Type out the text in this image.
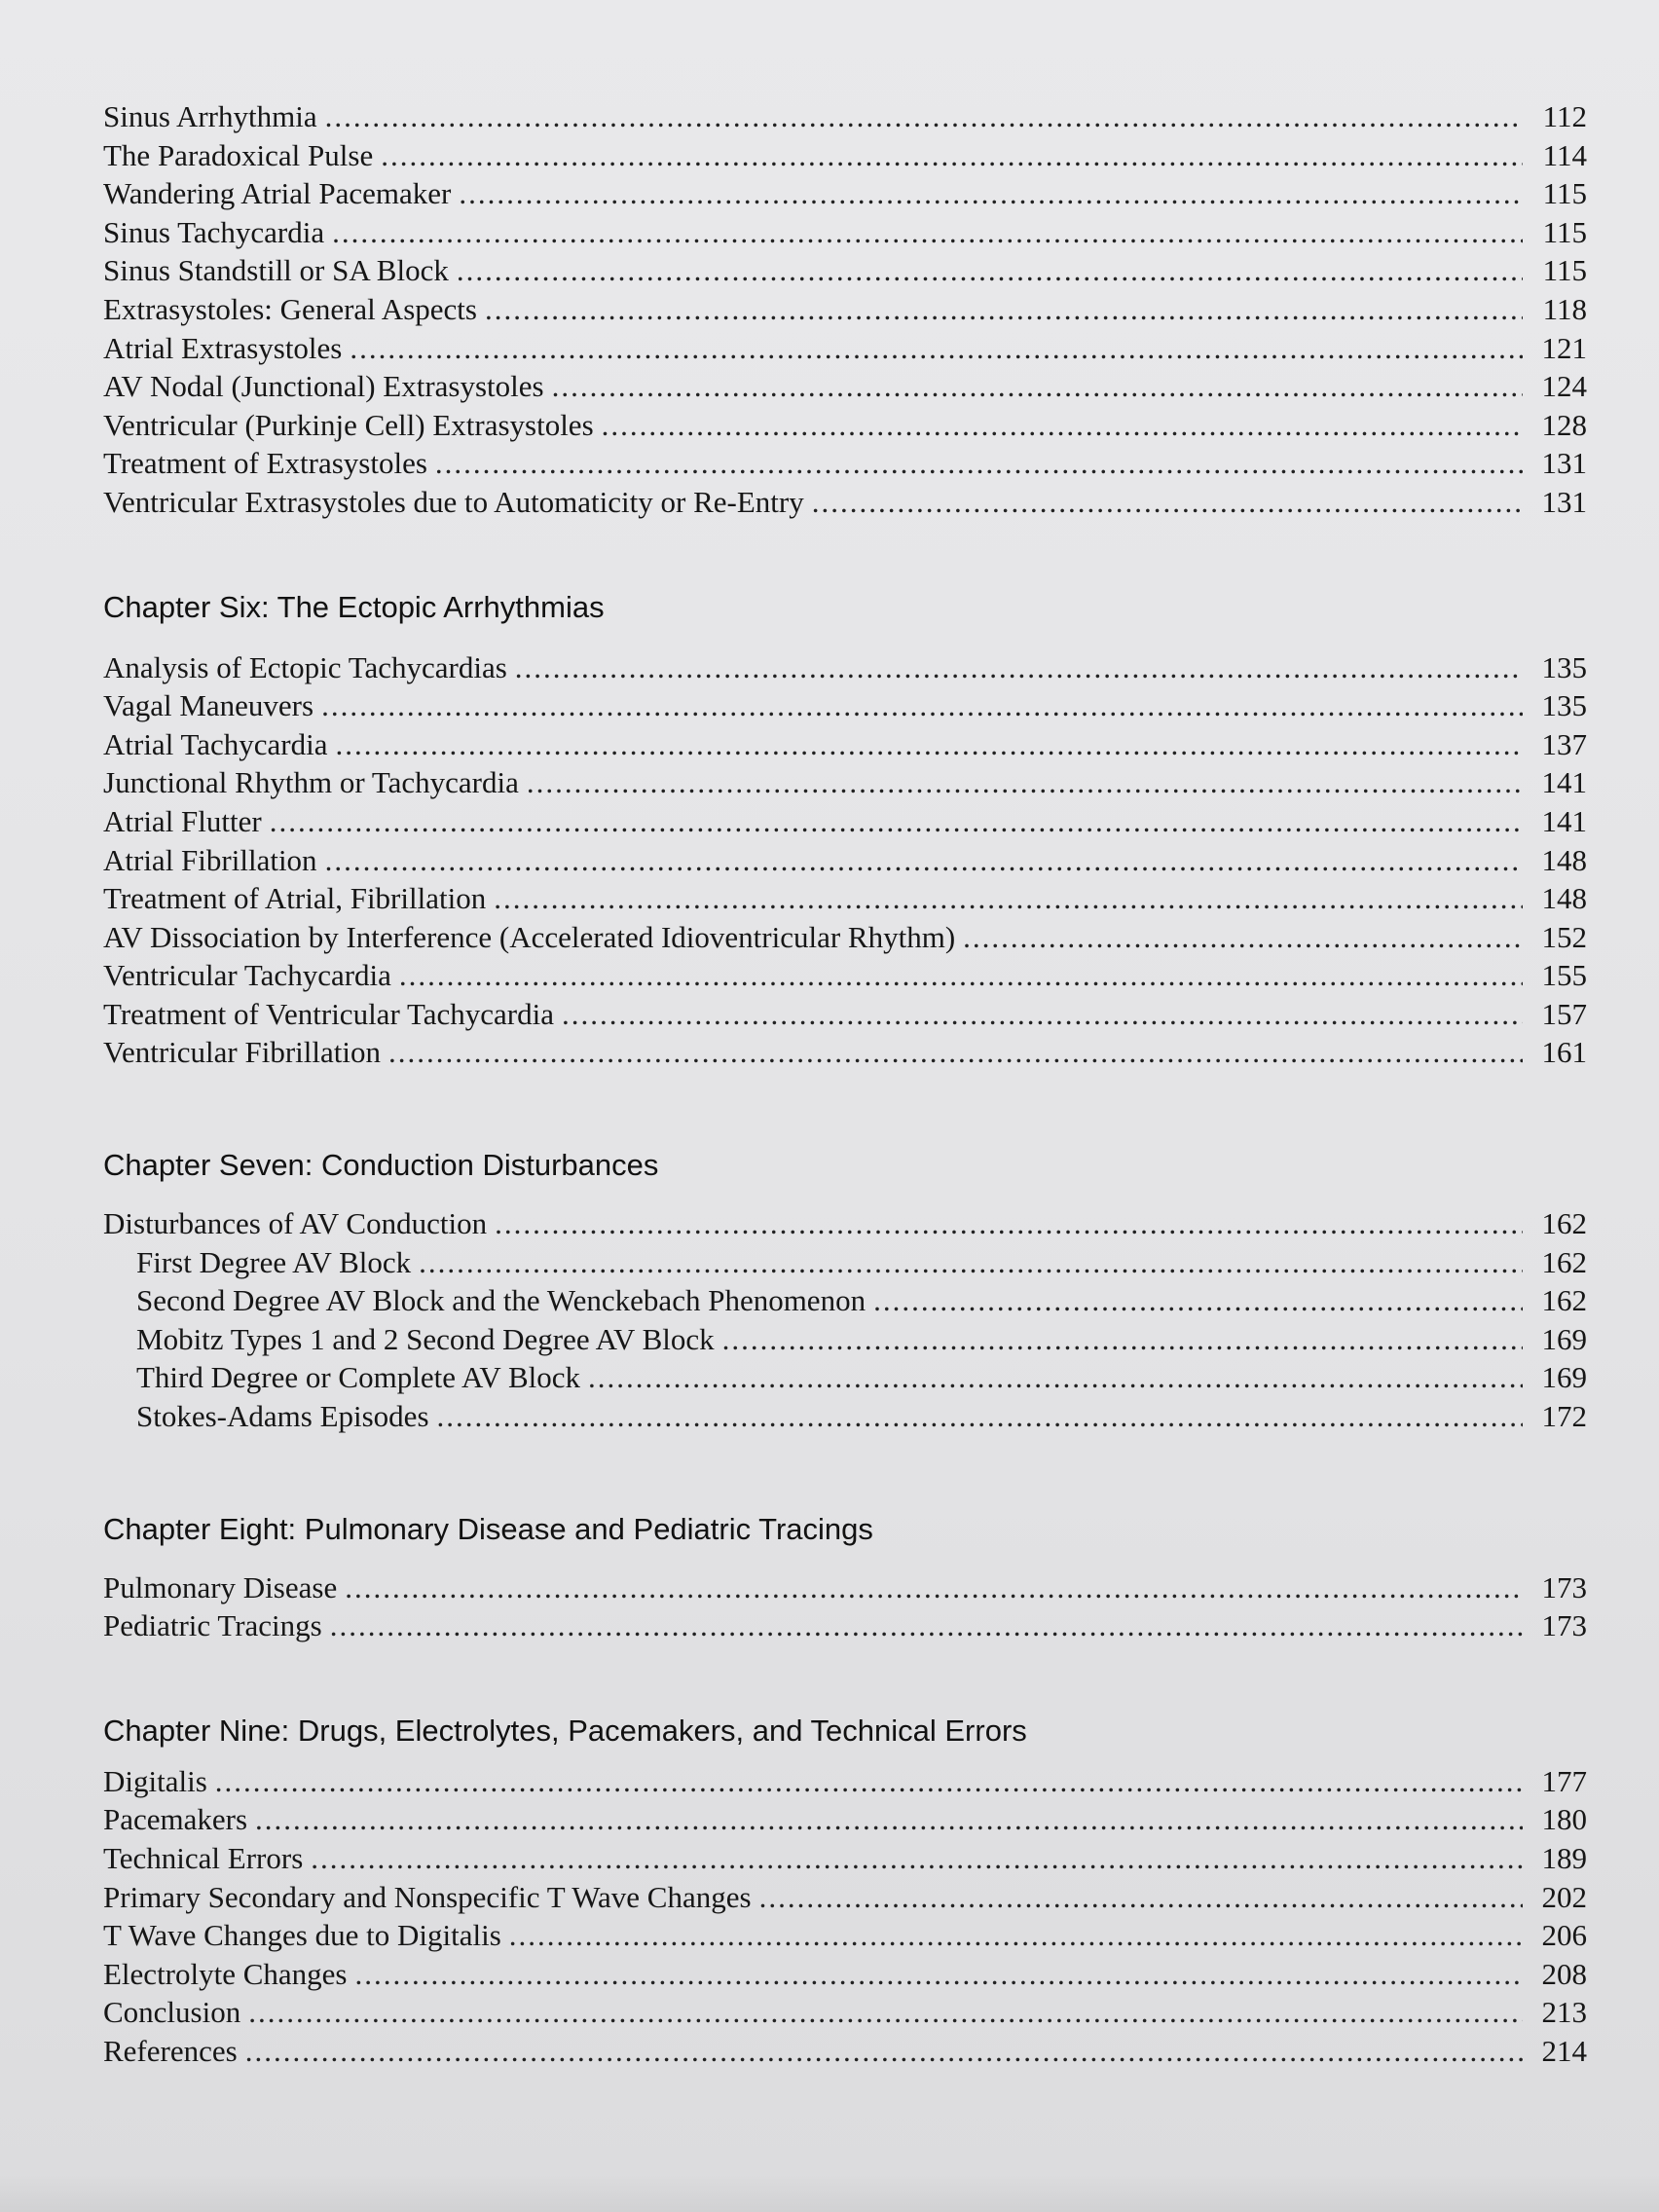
Sinus Arrhythmia .....	112
The Paradoxical Pulse .....	114
Wandering Atrial Pacemaker .....	115
Sinus Tachycardia .....	115
Sinus Standstill or SA Block .....	115
Extrasystoles: General Aspects .....	118
Atrial Extrasystoles .....	121
AV Nodal (Junctional) Extrasystoles .....	124
Ventricular (Purkinje Cell) Extrasystoles .....	128
Treatment of Extrasystoles .....	131
Ventricular Extrasystoles due to Automaticity or Re-Entry .....	131
Chapter Six: The Ectopic Arrhythmias
Analysis of Ectopic Tachycardias .....	135
Vagal Maneuvers .....	135
Atrial Tachycardia .....	137
Junctional Rhythm or Tachycardia .....	141
Atrial Flutter .....	141
Atrial Fibrillation .....	148
Treatment of Atrial, Fibrillation .....	148
AV Dissociation by Interference (Accelerated Idioventricular Rhythm) .....	152
Ventricular Tachycardia .....	155
Treatment of Ventricular Tachycardia .....	157
Ventricular Fibrillation .....	161
Chapter Seven: Conduction Disturbances
Disturbances of AV Conduction .....	162
First Degree AV Block .....	162
Second Degree AV Block and the Wenckebach Phenomenon .....	162
Mobitz Types 1 and 2 Second Degree AV Block .....	169
Third Degree or Complete AV Block .....	169
Stokes-Adams Episodes .....	172
Chapter Eight: Pulmonary Disease and Pediatric Tracings
Pulmonary Disease .....	173
Pediatric Tracings .....	173
Chapter Nine: Drugs, Electrolytes, Pacemakers, and Technical Errors
Digitalis .....	177
Pacemakers .....	180
Technical Errors .....	189
Primary Secondary and Nonspecific T Wave Changes .....	202
T Wave Changes due to Digitalis .....	206
Electrolyte Changes .....	208
Conclusion .....	213
References .....	214
